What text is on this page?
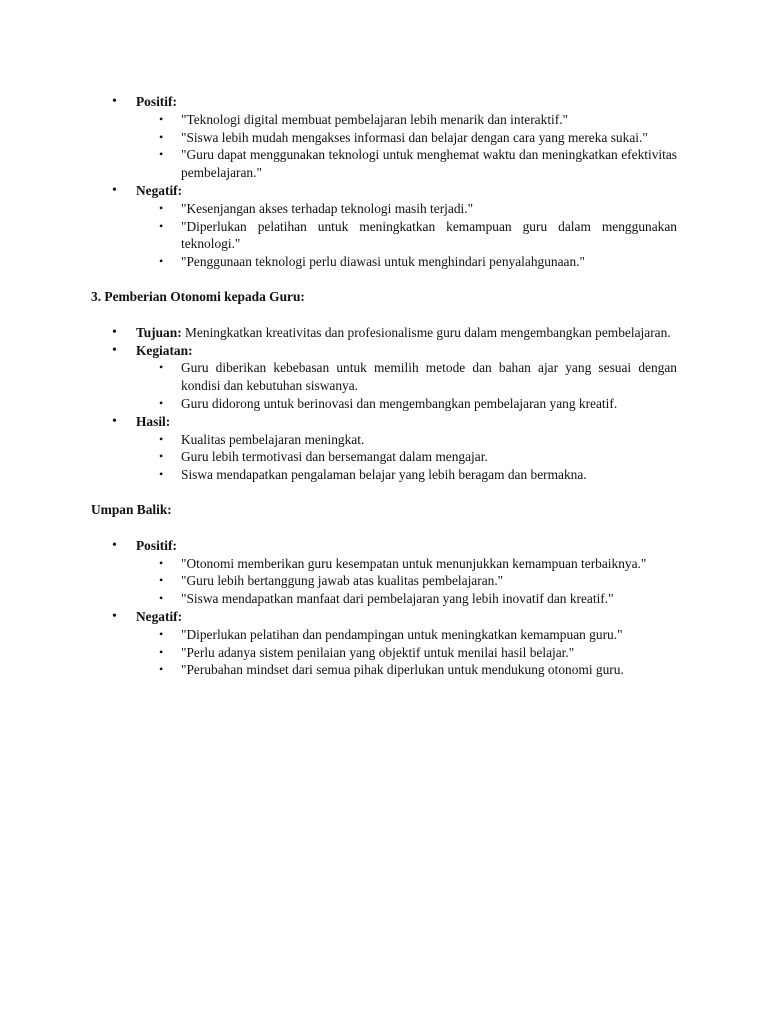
• Positif:
• "Teknologi digital membuat pembelajaran lebih menarik dan interaktif."
• "Siswa lebih mudah mengakses informasi dan belajar dengan cara yang mereka sukai."
• "Guru dapat menggunakan teknologi untuk menghemat waktu dan meningkatkan efektivitas pembelajaran."
• Negatif:
• "Kesenjangan akses terhadap teknologi masih terjadi."
• "Diperlukan pelatihan untuk meningkatkan kemampuan guru dalam menggunakan teknologi."
• "Penggunaan teknologi perlu diawasi untuk menghindari penyalahgunaan."

3. Pemberian Otonomi kepada Guru:

• Tujuan: Meningkatkan kreativitas dan profesionalisme guru dalam mengembangkan pembelajaran.
• Kegiatan:
• Guru diberikan kebebasan untuk memilih metode dan bahan ajar yang sesuai dengan kondisi dan kebutuhan siswanya.
• Guru didorong untuk berinovasi dan mengembangkan pembelajaran yang kreatif.
• Hasil:
• Kualitas pembelajaran meningkat.
• Guru lebih termotivasi dan bersemangat dalam mengajar.
• Siswa mendapatkan pengalaman belajar yang lebih beragam dan bermakna.

Umpan Balik:

• Positif:
• "Otonomi memberikan guru kesempatan untuk menunjukkan kemampuan terbaiknya."
• "Guru lebih bertanggung jawab atas kualitas pembelajaran."
• "Siswa mendapatkan manfaat dari pembelajaran yang lebih inovatif dan kreatif."
• Negatif:
• "Diperlukan pelatihan dan pendampingan untuk meningkatkan kemampuan guru."
• "Perlu adanya sistem penilaian yang objektif untuk menilai hasil belajar."
• "Perubahan mindset dari semua pihak diperlukan untuk mendukung otonomi guru.
